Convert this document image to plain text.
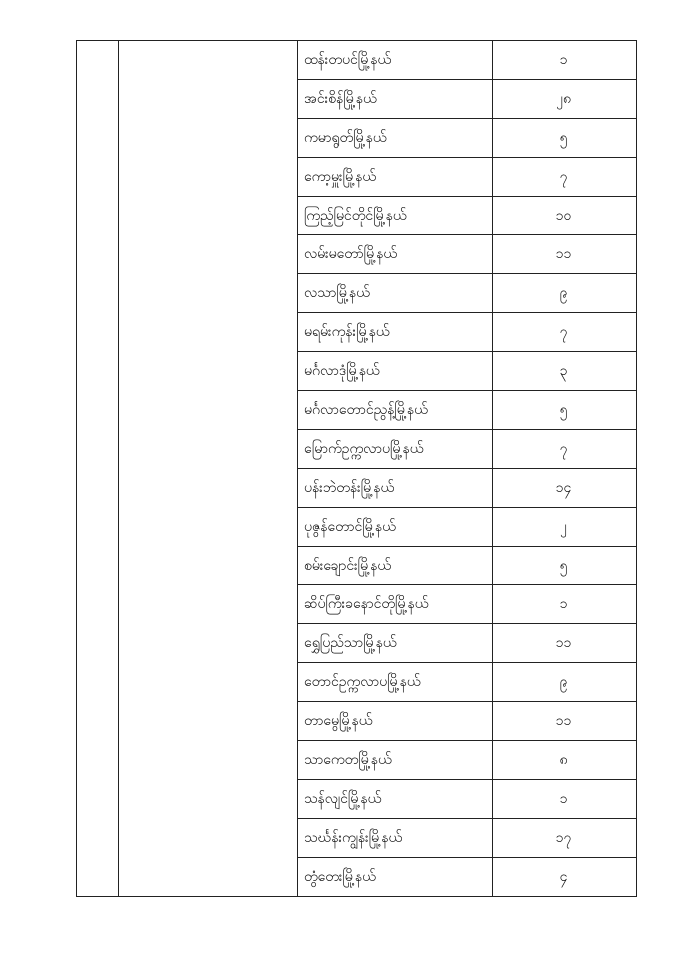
		ထန်းတပင်မြို့နယ်	၁
		အင်းစိန်မြို့နယ်	၂၈
		ကမာရွတ်မြို့နယ်	၅
		ကော့မှူးမြို့နယ်	၇
		ကြည့်မြင်တိုင်မြို့နယ်	၁၀
		လမ်းမတော်မြို့နယ်	၁၁
		လသာမြို့နယ်	၉
		မရမ်းကုန်းမြို့နယ်	၇
		မင်္ဂလာဒုံမြို့နယ်	၃
		မင်္ဂလာတောင်ညွန့်မြို့နယ်	၅
		မြောက်ဥက္ကလာပမြို့နယ်	၇
		ပန်းဘဲတန်းမြို့နယ်	၁၄
		ပုဇွန်တောင်မြို့နယ်	၂
		စမ်းချောင်းမြို့နယ်	၅
		ဆိပ်ကြီးခနောင်တိုမြို့နယ်	၁
		ရွှေပြည်သာမြို့နယ်	၁၁
		တောင်ဥက္ကလာပမြို့နယ်	၉
		တာမွေမြို့နယ်	၁၁
		သာကေတမြို့နယ်	၈
		သန်လျင်မြို့နယ်	၁
		သင်္ဃန်းကျွန်းမြို့နယ်	၁၇
		တွံတေးမြို့နယ်	၄
